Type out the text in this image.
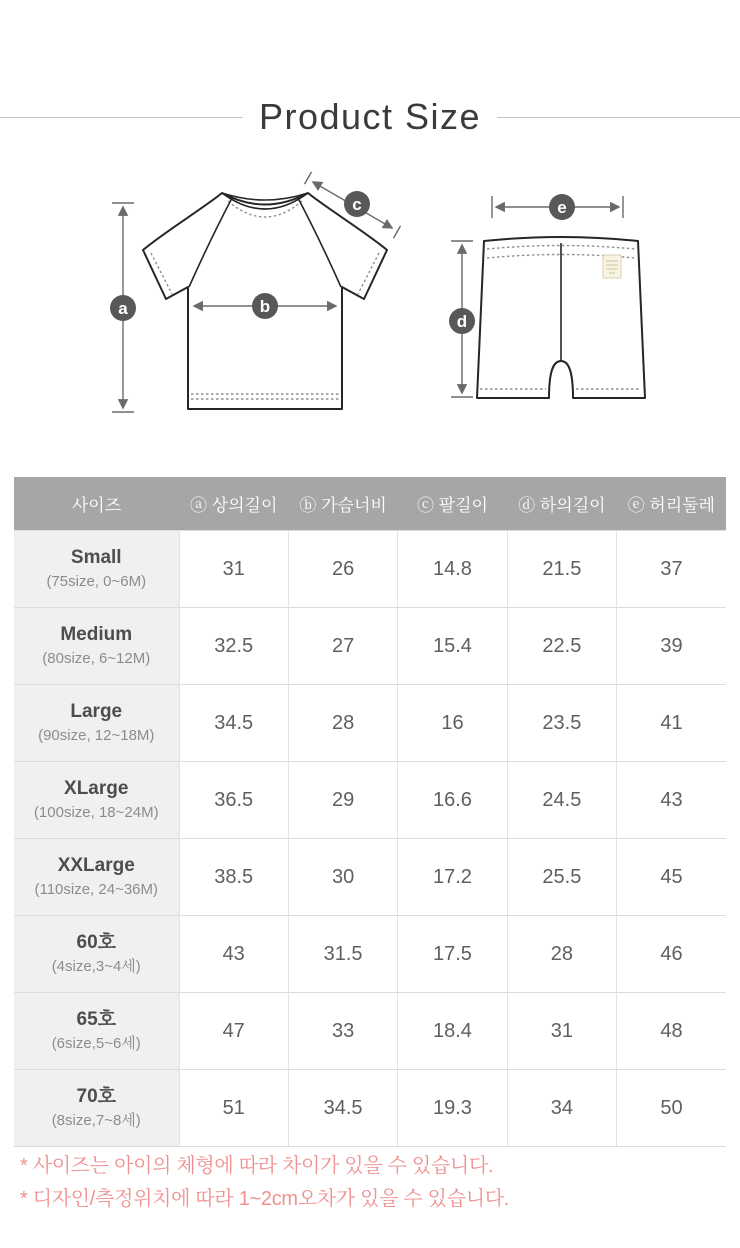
Product Size
a	b
c
d
e
사이즈	ⓐ 상의길이	ⓑ 가슴너비	ⓒ 팔길이	ⓓ 하의길이	ⓔ 허리둘레

Small
(75size, 0~6M)	31	26	14.8	21.5	37

Medium
(80size, 6~12M)	32.5	27	15.4	22.5	39

Large
(90size, 12~18M)	34.5	28	16	23.5	41

XLarge
(100size, 18~24M)	36.5	29	16.6	24.5	43

XXLarge
(110size, 24~36M)	38.5	30	17.2	25.5	45

60호
(4size,3~4세)	43	31.5	17.5	28	46

65호
(6size,5~6세)	47	33	18.4	31	48

70호
(8size,7~8세)	51	34.5	19.3	34	50
* 사이즈는 아이의 체형에 따라 차이가 있을 수 있습니다.
* 디자인/측정위치에 따라 1~2cm오차가 있을 수 있습니다.
